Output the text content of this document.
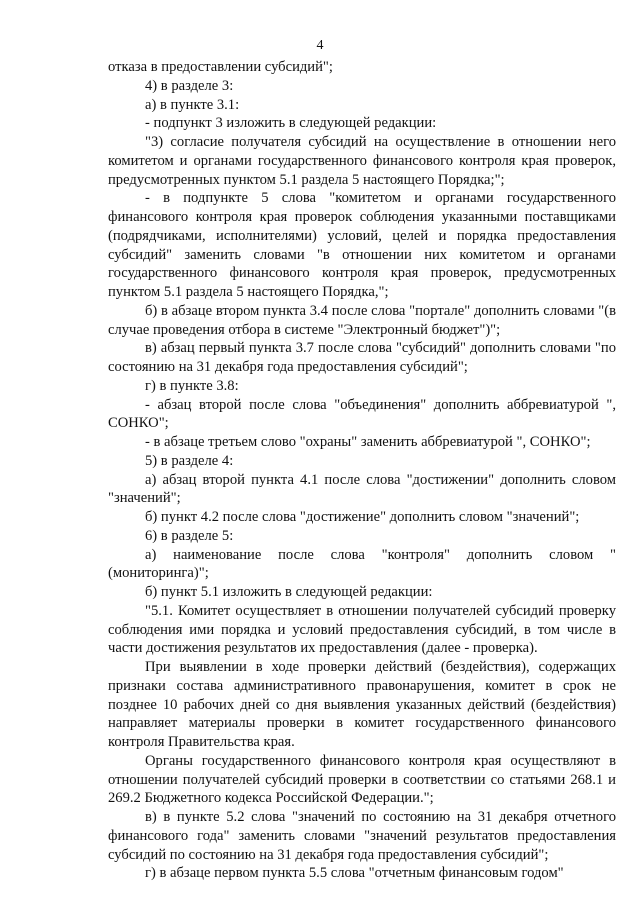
4

отказа в предоставлении субсидий";

4) в разделе 3:

а) в пункте 3.1:

- подпункт 3 изложить в следующей редакции:

"3) согласие получателя субсидий на осуществление в отношении него комитетом и органами государственного финансового контроля края проверок, предусмотренных пунктом 5.1 раздела 5 настоящего Порядка;";

- в подпункте 5 слова "комитетом и органами государственного финансового контроля края проверок соблюдения указанными поставщиками (подрядчиками, исполнителями) условий, целей и порядка предоставления субсидий" заменить словами "в отношении них комитетом и органами государственного финансового контроля края проверок, предусмотренных пунктом 5.1 раздела 5 настоящего Порядка,";

б) в абзаце втором пункта 3.4 после слова "портале" дополнить словами "(в случае проведения отбора в системе "Электронный бюджет")";

в) абзац первый пункта 3.7 после слова "субсидий" дополнить словами "по состоянию на 31 декабря года предоставления субсидий";

г) в пункте 3.8:

- абзац второй после слова "объединения" дополнить аббревиатурой ", СОНКО";

- в абзаце третьем слово "охраны" заменить аббревиатурой ", СОНКО";

5) в разделе 4:

а) абзац второй пункта 4.1 после слова "достижении" дополнить словом "значений";

б) пункт 4.2 после слова "достижение" дополнить словом "значений";

6) в разделе 5:

а) наименование после слова "контроля" дополнить словом "(мониторинга)";

б) пункт 5.1 изложить в следующей редакции:

"5.1. Комитет осуществляет в отношении получателей субсидий проверку соблюдения ими порядка и условий предоставления субсидий, в том числе в части достижения результатов их предоставления (далее - проверка).

При выявлении в ходе проверки действий (бездействия), содержащих признаки состава административного правонарушения, комитет в срок не позднее 10 рабочих дней со дня выявления указанных действий (бездействия) направляет материалы проверки в комитет государственного финансового контроля Правительства края.

Органы государственного финансового контроля края осуществляют в отношении получателей субсидий проверки в соответствии со статьями 268.1 и 269.2 Бюджетного кодекса Российской Федерации.";

в) в пункте 5.2 слова "значений по состоянию на 31 декабря отчетного финансового года" заменить словами "значений результатов предоставления субсидий по состоянию на 31 декабря года предоставления субсидий";

г) в абзаце первом пункта 5.5 слова "отчетным финансовым годом"
